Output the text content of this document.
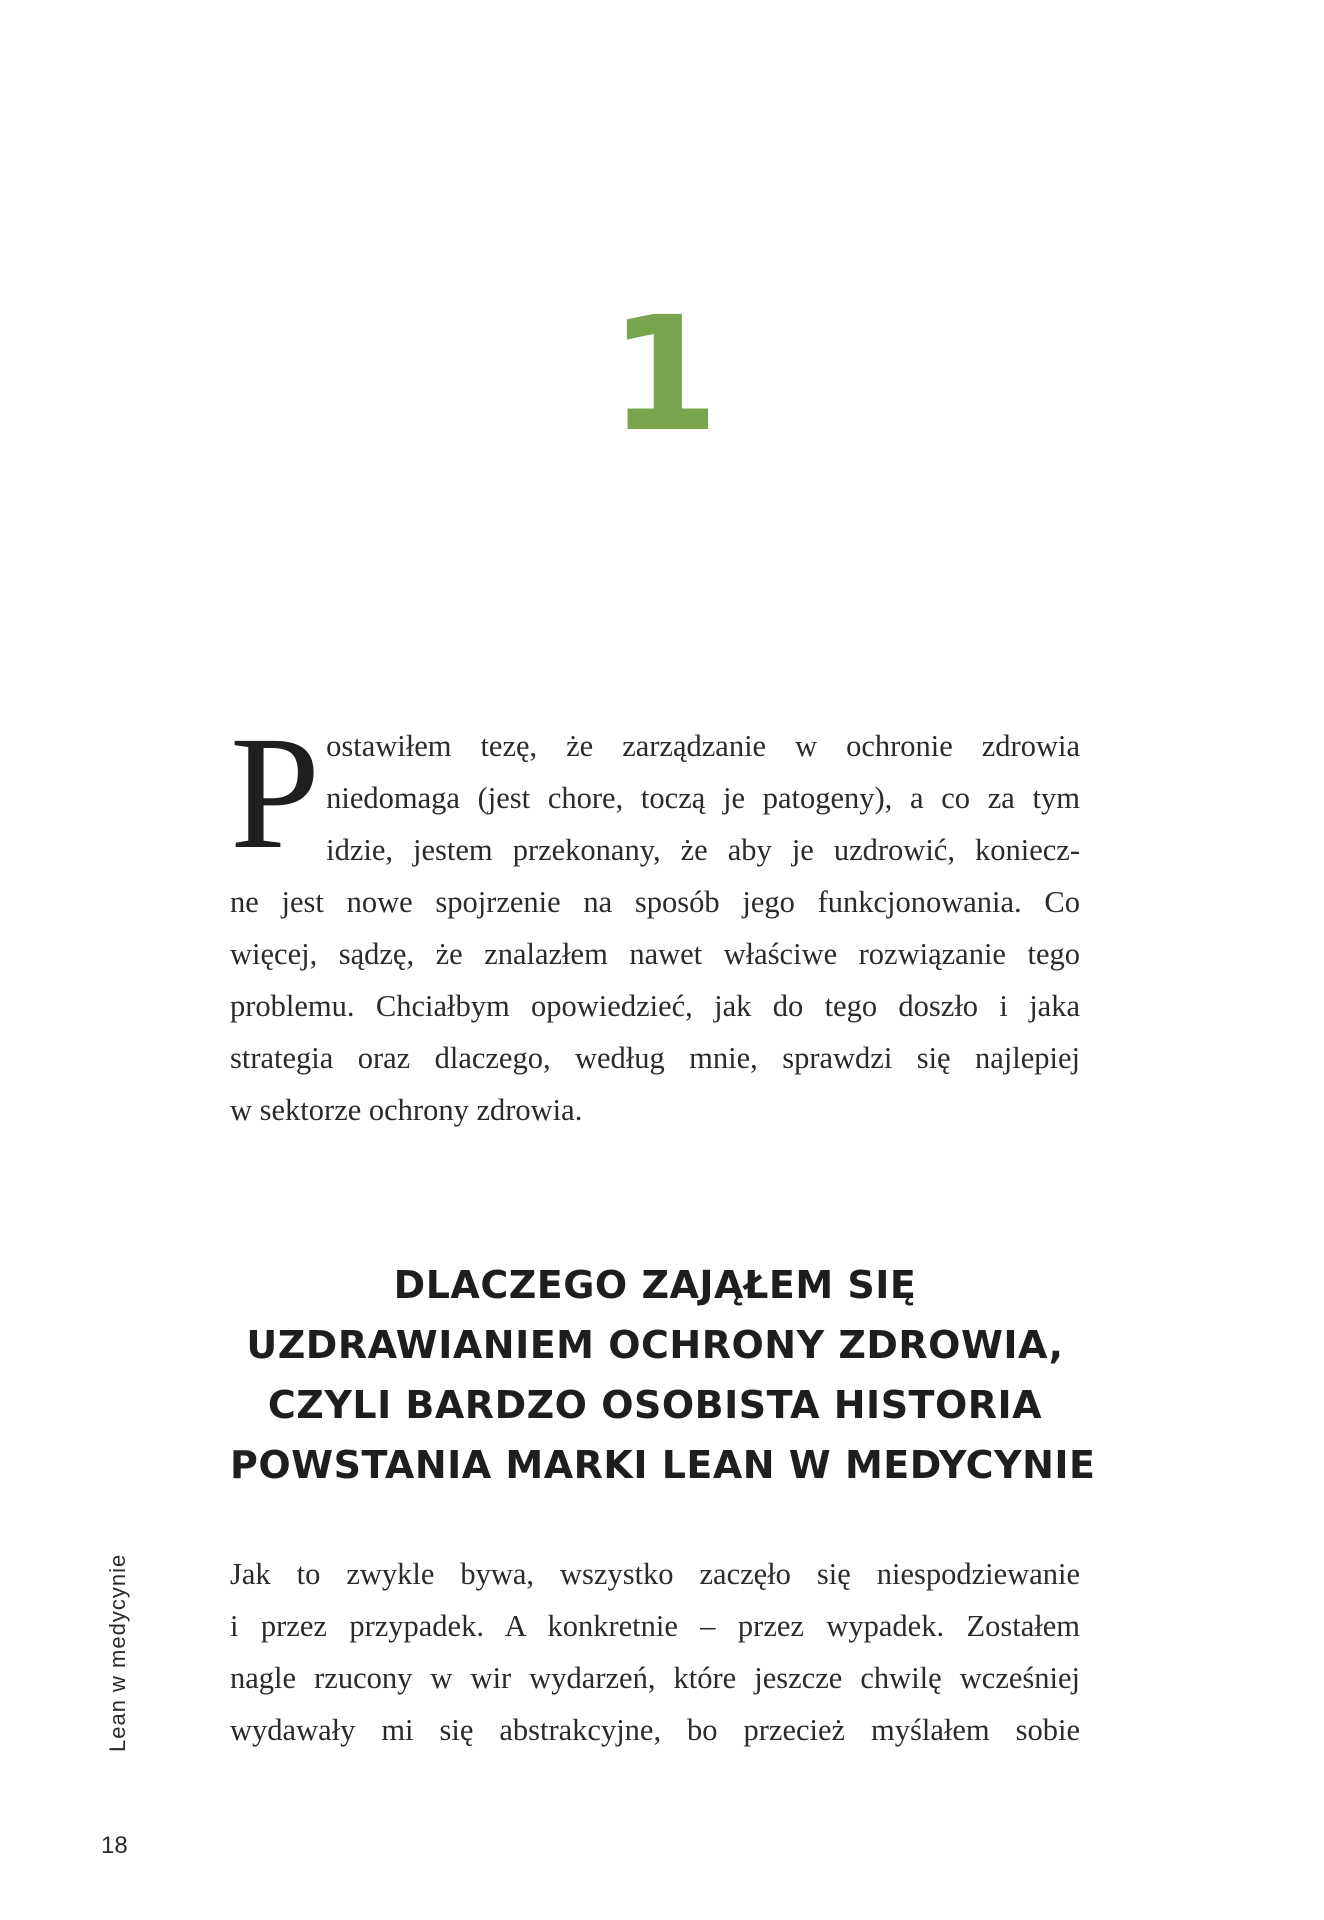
1
P ostawiłem tezę, że zarządzanie w ochronie zdrowia
niedomaga (jest chore, toczą je patogeny), a co za tym
idzie, jestem przekonany, że aby je uzdrowić, koniecz-
ne jest nowe spojrzenie na sposób jego funkcjonowania. Co
więcej, sądzę, że znalazłem nawet właściwe rozwiązanie tego
problemu. Chciałbym opowiedzieć, jak do tego doszło i jaka
strategia oraz dlaczego, według mnie, sprawdzi się najlepiej
w sektorze ochrony zdrowia.
DLACZEGO ZAJĄŁEM SIĘ
UZDRAWIANIEM OCHRONY ZDROWIA,
CZYLI BARDZO OSOBISTA HISTORIA
POWSTANIA MARKI LEAN W MEDYCYNIE
Jak to zwykle bywa, wszystko zaczęło się niespodziewanie
i przez przypadek. A konkretnie – przez wypadek. Zostałem
nagle rzucony w wir wydarzeń, które jeszcze chwilę wcześniej
wydawały mi się abstrakcyjne, bo przecież myślałem sobie
Lean w medycynie
18
